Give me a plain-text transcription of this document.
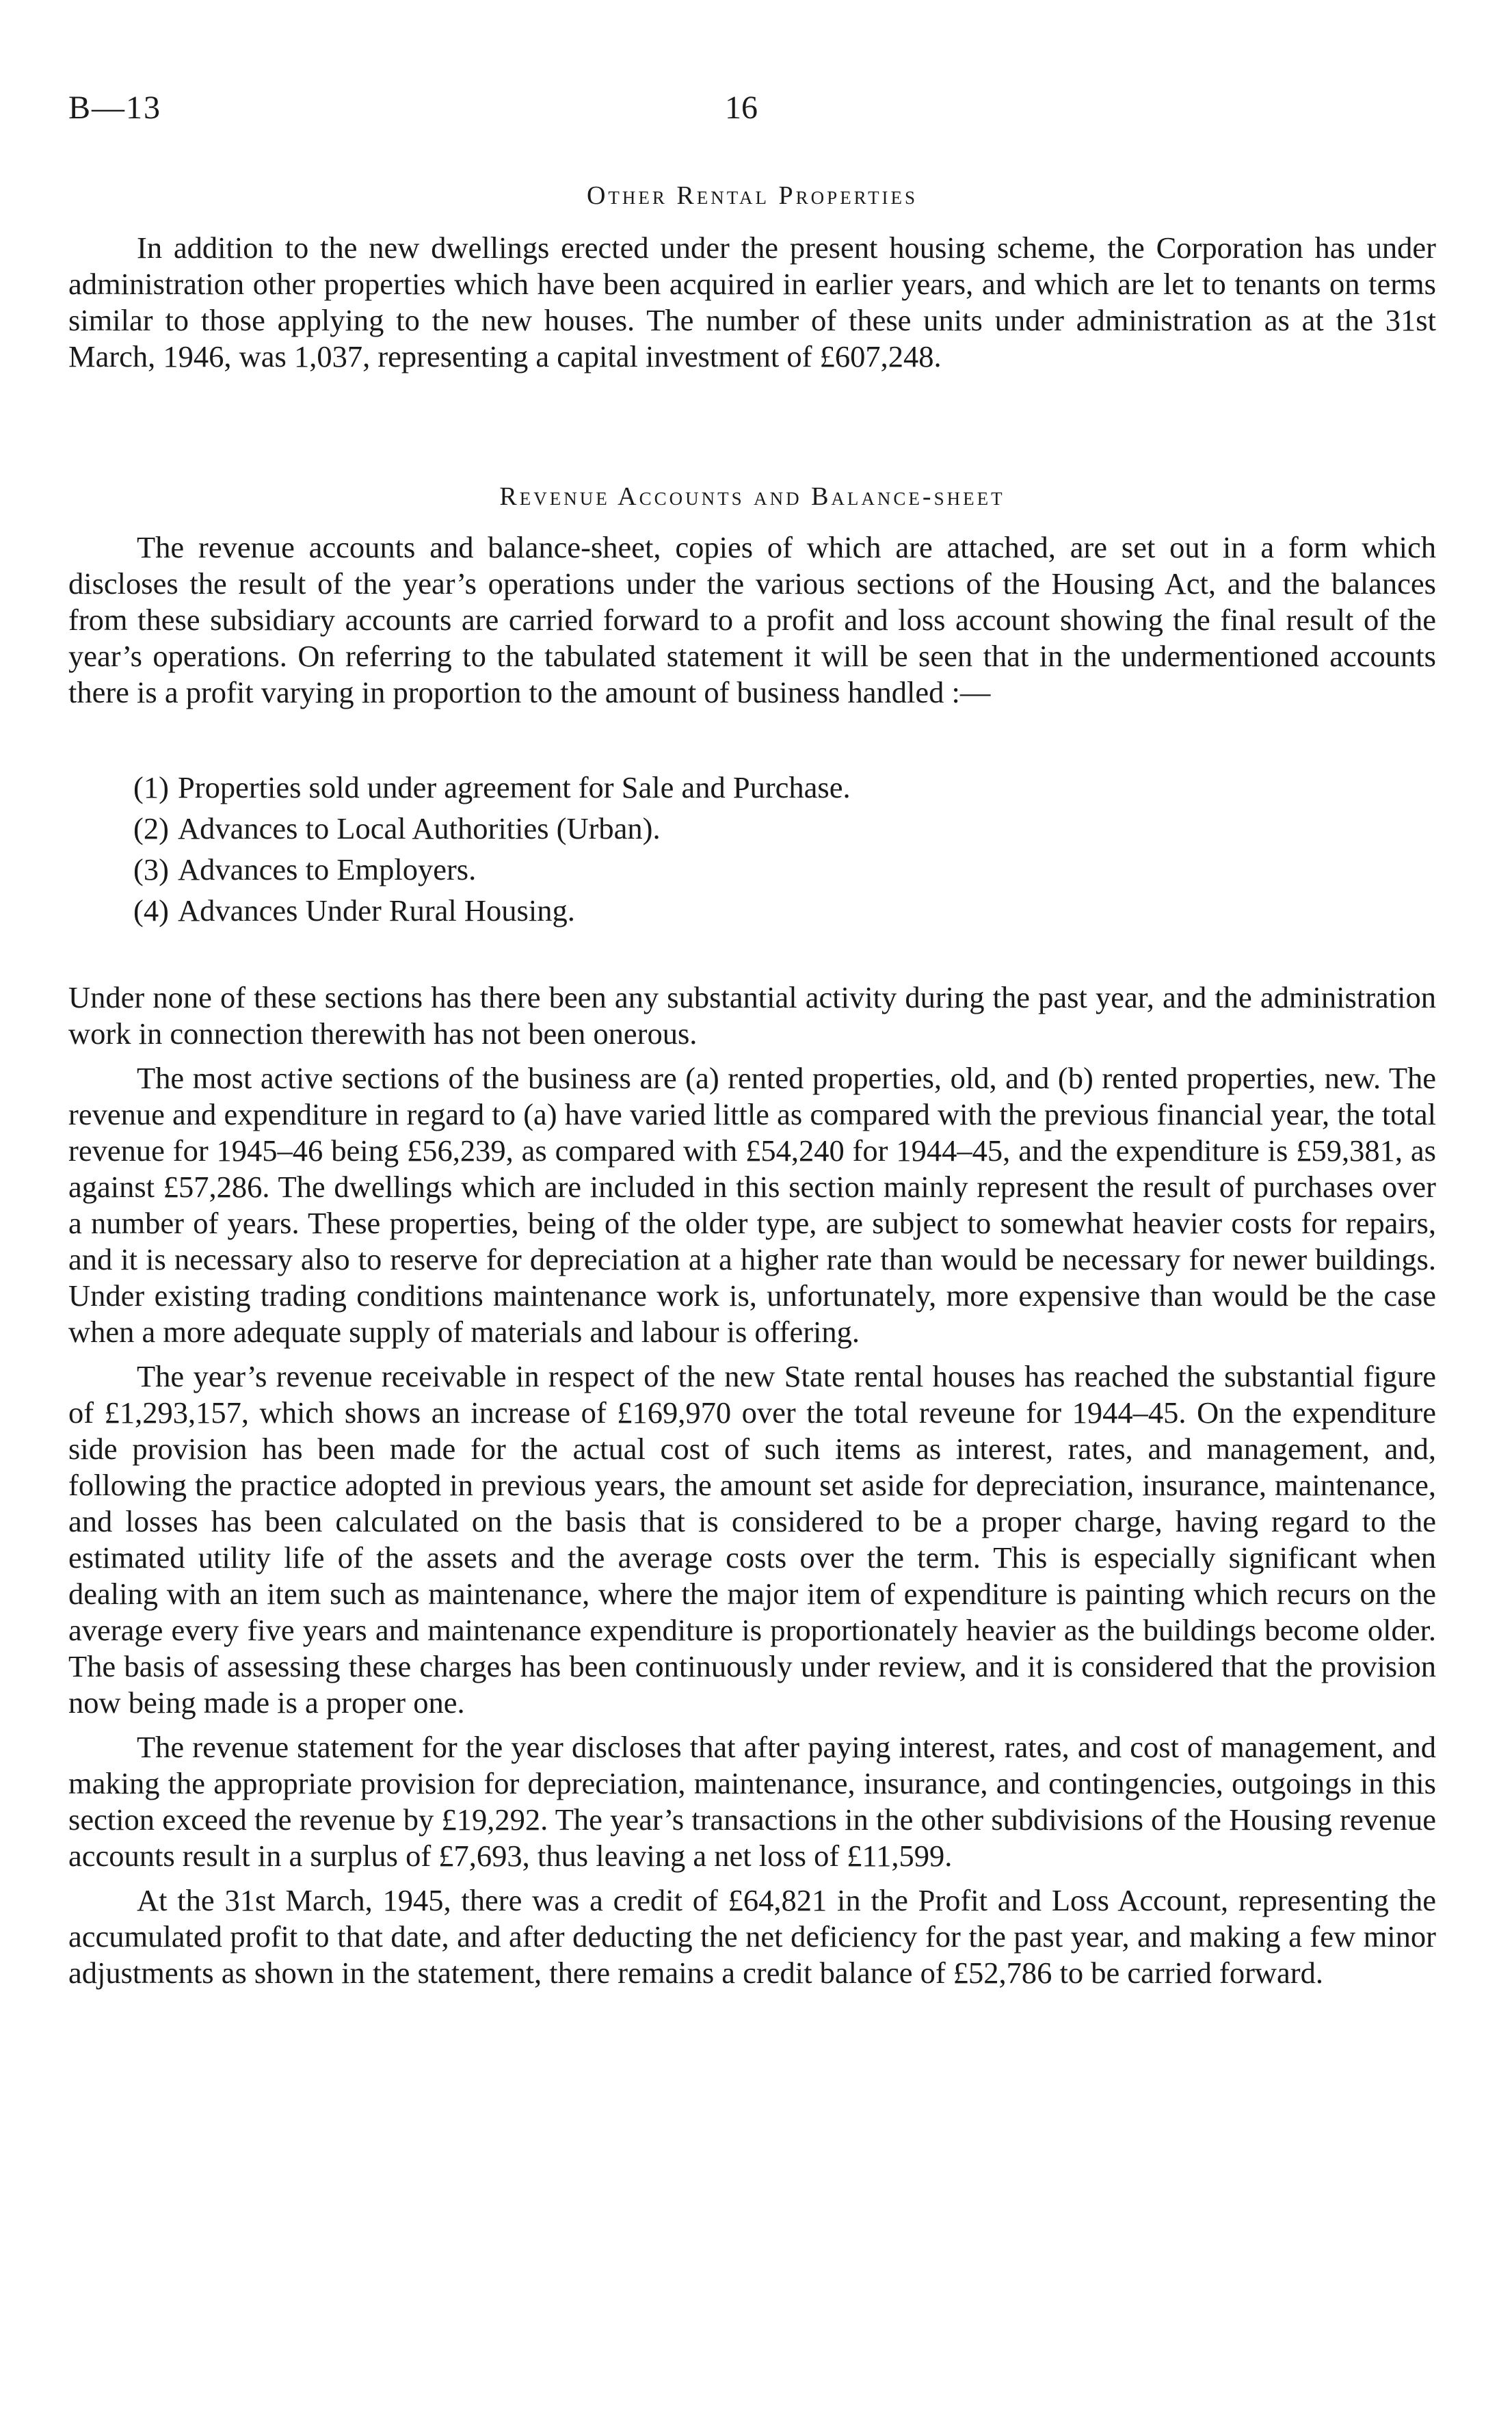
B—13	16
Other Rental Properties

In addition to the new dwellings erected under the present housing scheme, the Corporation has under administration other properties which have been acquired in earlier years, and which are let to tenants on terms similar to those applying to the new houses. The number of these units under administration as at the 31st March, 1946, was 1,037, representing a capital investment of £607,248.

Revenue Accounts and Balance-sheet

The revenue accounts and balance-sheet, copies of which are attached, are set out in a form which discloses the result of the year’s operations under the various sections of the Housing Act, and the balances from these subsidiary accounts are carried forward to a profit and loss account showing the final result of the year’s operations. On referring to the tabulated statement it will be seen that in the undermentioned accounts there is a profit varying in proportion to the amount of business handled :—

(1) Properties sold under agreement for Sale and Purchase.
(2) Advances to Local Authorities (Urban).
(3) Advances to Employers.
(4) Advances Under Rural Housing.

Under none of these sections has there been any substantial activity during the past year, and the administration work in connection therewith has not been onerous.

The most active sections of the business are (a) rented properties, old, and (b) rented properties, new. The revenue and expenditure in regard to (a) have varied little as compared with the previous financial year, the total revenue for 1945–46 being £56,239, as compared with £54,240 for 1944–45, and the expenditure is £59,381, as against £57,286. The dwellings which are included in this section mainly represent the result of purchases over a number of years. These properties, being of the older type, are subject to somewhat heavier costs for repairs, and it is necessary also to reserve for depreciation at a higher rate than would be necessary for newer buildings. Under existing trading conditions maintenance work is, unfortunately, more expensive than would be the case when a more adequate supply of materials and labour is offering.

The year’s revenue receivable in respect of the new State rental houses has reached the substantial figure of £1,293,157, which shows an increase of £169,970 over the total reveune for 1944–45. On the expenditure side provision has been made for the actual cost of such items as interest, rates, and management, and, following the practice adopted in previous years, the amount set aside for depreciation, insurance, maintenance, and losses has been calculated on the basis that is considered to be a proper charge, having regard to the estimated utility life of the assets and the average costs over the term. This is especially significant when dealing with an item such as maintenance, where the major item of expenditure is painting which recurs on the average every five years and maintenance expenditure is proportionately heavier as the buildings become older. The basis of assessing these charges has been continuously under review, and it is considered that the provision now being made is a proper one.

The revenue statement for the year discloses that after paying interest, rates, and cost of management, and making the appropriate provision for depreciation, maintenance, insurance, and contingencies, outgoings in this section exceed the revenue by £19,292. The year’s transactions in the other subdivisions of the Housing revenue accounts result in a surplus of £7,693, thus leaving a net loss of £11,599.

At the 31st March, 1945, there was a credit of £64,821 in the Profit and Loss Account, representing the accumulated profit to that date, and after deducting the net deficiency for the past year, and making a few minor adjustments as shown in the statement, there remains a credit balance of £52,786 to be carried forward.
